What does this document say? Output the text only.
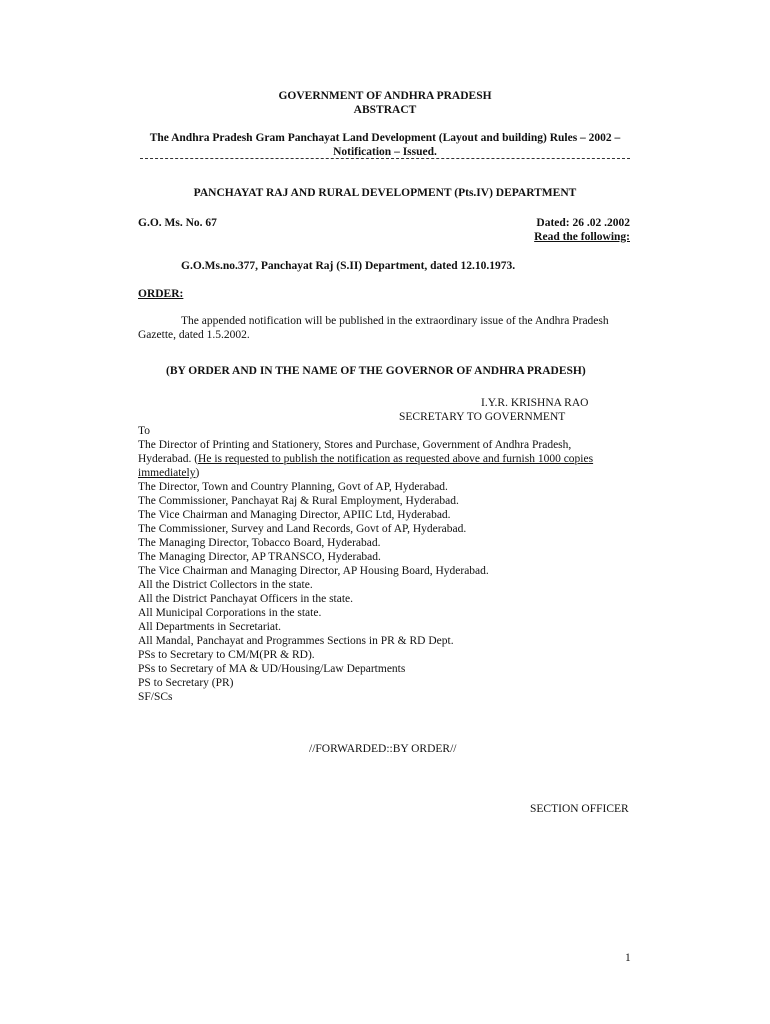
GOVERNMENT OF ANDHRA PRADESH
ABSTRACT
The Andhra Pradesh Gram Panchayat Land Development (Layout and building) Rules – 2002 –
Notification – Issued.
PANCHAYAT RAJ AND RURAL DEVELOPMENT (Pts.IV) DEPARTMENT
G.O. Ms. No. 67	Dated: 26 .02 .2002
Read the following:
G.O.Ms.no.377, Panchayat Raj (S.II) Department, dated 12.10.1973.
ORDER:
The appended notification will be published in the extraordinary issue of the Andhra Pradesh
Gazette, dated 1.5.2002.
(BY ORDER AND IN THE NAME OF THE GOVERNOR OF ANDHRA PRADESH)
I.Y.R. KRISHNA RAO
SECRETARY TO GOVERNMENT
To
The Director of Printing and Stationery, Stores and Purchase, Government of Andhra Pradesh,
Hyderabad. (He is requested to publish the notification as requested above and furnish 1000 copies
immediately)
The Director, Town and Country Planning, Govt of AP, Hyderabad.
The Commissioner, Panchayat Raj & Rural Employment, Hyderabad.
The Vice Chairman and Managing Director, APIIC Ltd, Hyderabad.
The Commissioner, Survey and Land Records, Govt of AP, Hyderabad.
The Managing Director, Tobacco Board, Hyderabad.
The Managing Director, AP TRANSCO, Hyderabad.
The Vice Chairman and Managing Director, AP Housing Board, Hyderabad.
All the District Collectors in the state.
All the District Panchayat Officers in the state.
All Municipal Corporations in the state.
All Departments in Secretariat.
All Mandal, Panchayat and Programmes Sections in PR & RD Dept.
PSs to Secretary to CM/M(PR & RD).
PSs to Secretary of MA & UD/Housing/Law Departments
PS to Secretary (PR)
SF/SCs
//FORWARDED::BY ORDER//
SECTION OFFICER
1
